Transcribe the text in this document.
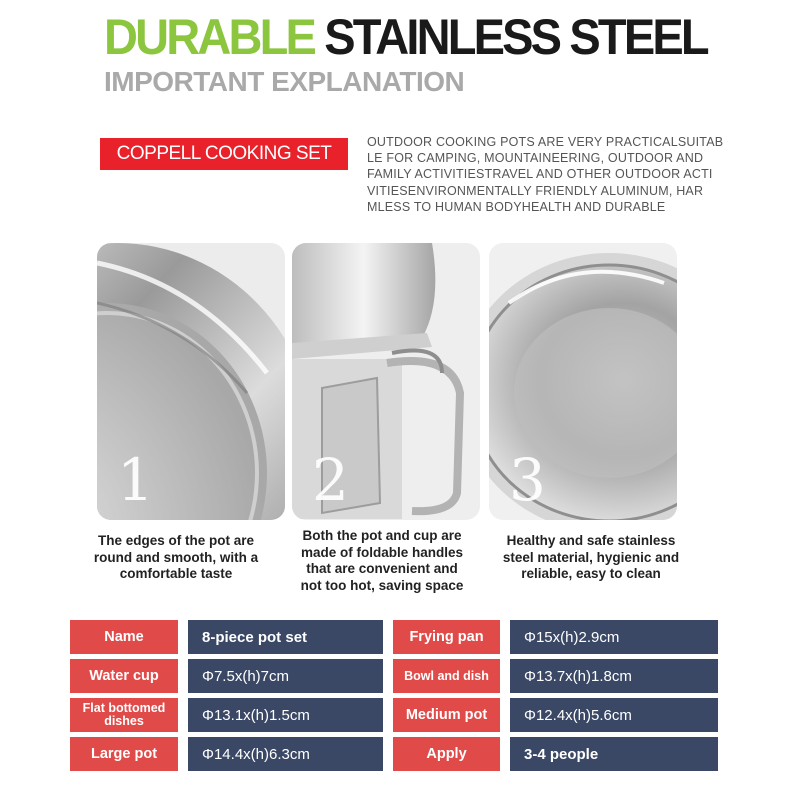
DURABLE STAINLESS STEEL
IMPORTANT EXPLANATION
COPPELL COOKING SET
OUTDOOR COOKING POTS ARE VERY PRACTICALSUITAB
LE FOR CAMPING, MOUNTAINEERING, OUTDOOR AND
FAMILY ACTIVITIESTRAVEL AND OTHER OUTDOOR ACTI
VITIESENVIRONMENTALLY FRIENDLY ALUMINUM, HAR
MLESS TO HUMAN BODYHEALTH AND DURABLE
1	2	3
The edges of the pot are
round and smooth, with a
comfortable taste
Both the pot and cup are
made of foldable handles
that are convenient and
not too hot, saving space
Healthy and safe stainless
steel material, hygienic and
reliable, easy to clean
Name	8-piece pot set	Frying pan	Φ15x(h)2.9cm
Water cup	Φ7.5x(h)7cm	Bowl and dish	Φ13.7x(h)1.8cm
Flat bottomed dishes	Φ13.1x(h)1.5cm	Medium pot	Φ12.4x(h)5.6cm
Large pot	Φ14.4x(h)6.3cm	Apply	3-4 people
